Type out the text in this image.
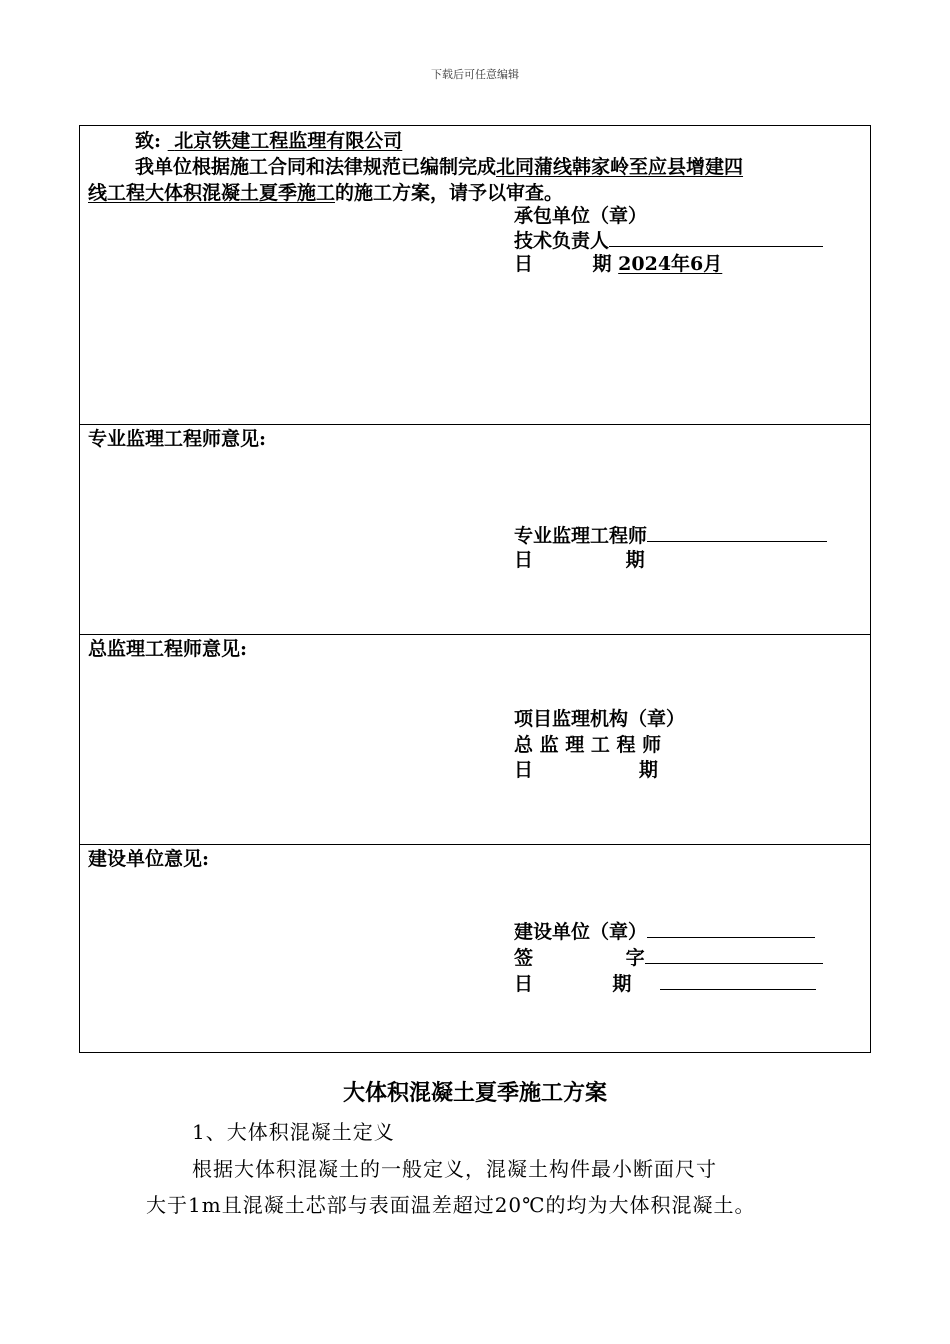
下载后可任意编辑
致: 北京铁建工程监理有限公司
我单位根据施工合同和法律规范已编制完成北同蒲线韩家岭至应县增建四
线工程大体积混凝土夏季施工的施工方案，请予以审查。
承包单位（章）
技术负责人
日         期 2024年6月
专业监理工程师意见:
专业监理工程师
日              期
总监理工程师意见:
项目监理机构（章）
总 监 理 工 程 师
日                期
建设单位意见:
建设单位（章）
签              字
日            期
大体积混凝土夏季施工方案
1、大体积混凝土定义
根据大体积混凝土的一般定义，混凝土构件最小断面尺寸
大于1m且混凝土芯部与表面温差超过20℃的均为大体积混凝土。
